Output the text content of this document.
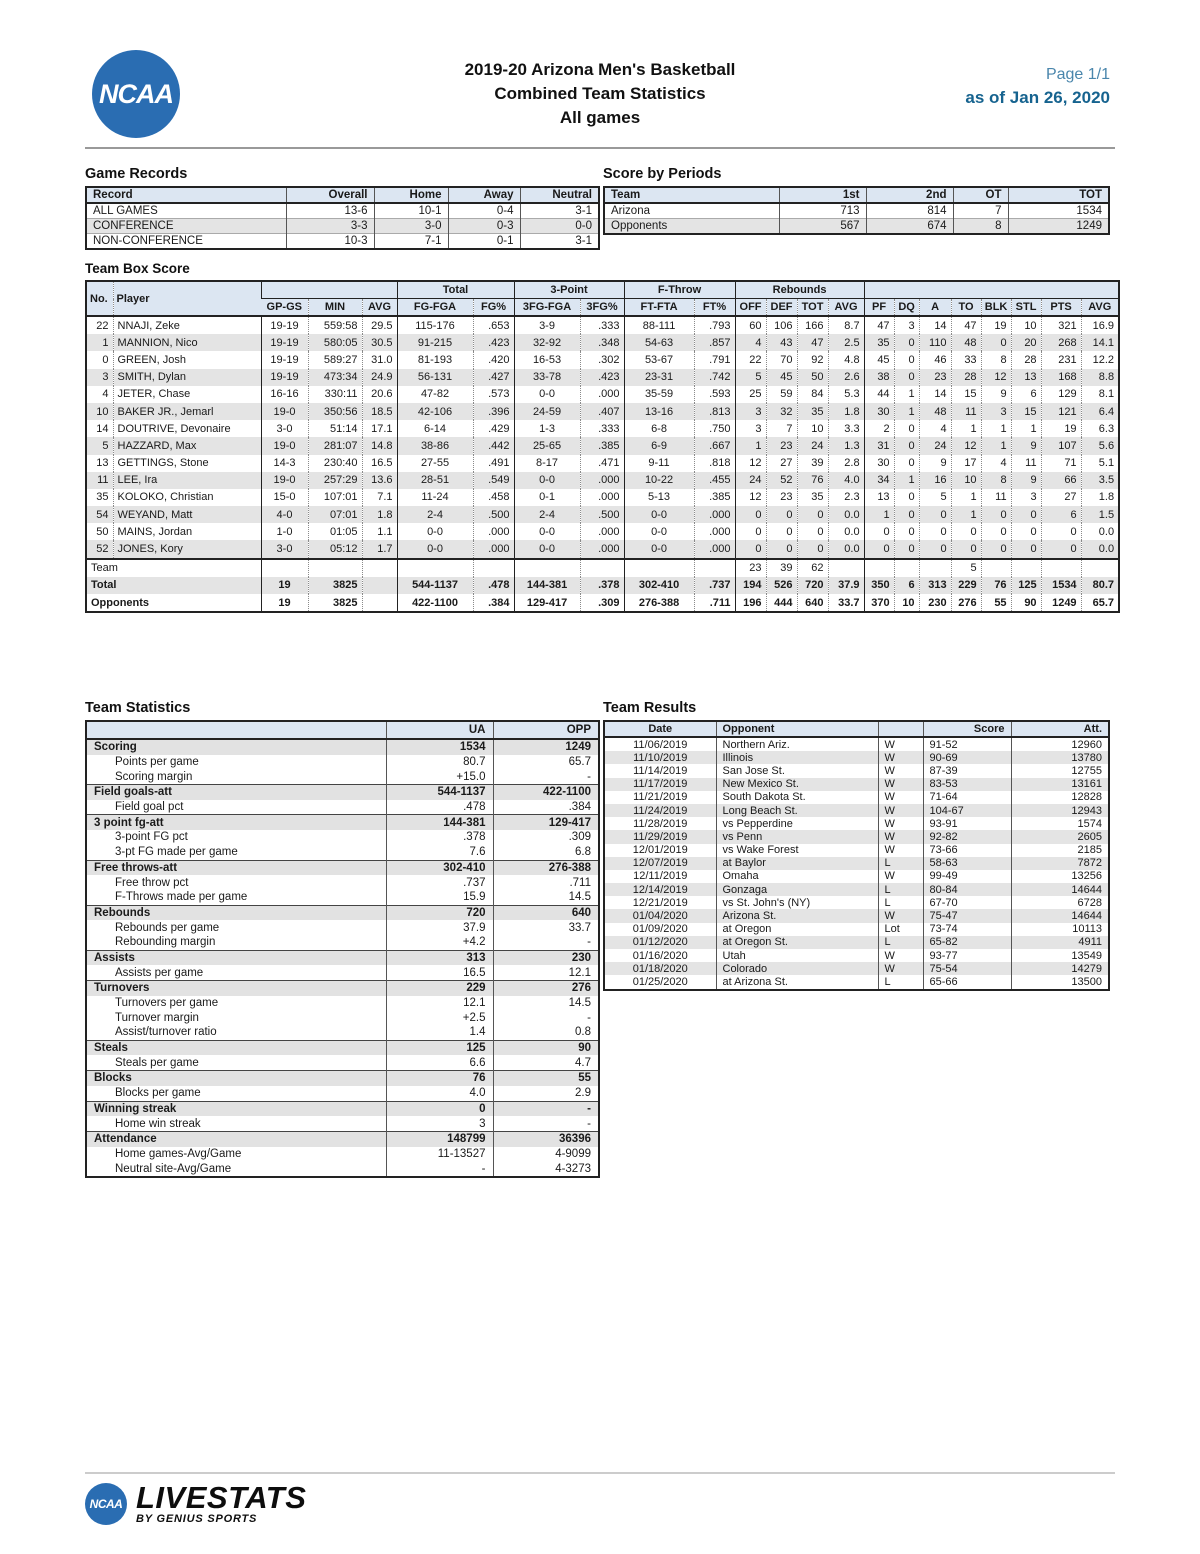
NCAA
2019-20 Arizona Men's Basketball
Combined Team Statistics
All games
Page 1/1
as of Jan 26, 2020
Game Records
Record	Overall	Home	Away	Neutral
ALL GAMES	13-6	10-1	0-4	3-1
CONFERENCE	3-3	3-0	0-3	0-0
NON-CONFERENCE	10-3	7-1	0-1	3-1
Score by Periods
Team	1st	2nd	OT	TOT
Arizona	713	814	7	1534
Opponents	567	674	8	1249
Team Box Score
No.	Player				Total		3-Point		F-Throw		Rebounds											
		GP-GS	MIN	AVG	FG-FGA	FG%	3FG-FGA	3FG%	FT-FTA	FT%	OFF	DEF	TOT	AVG	PF	DQ	A	TO	BLK	STL	PTS	AVG
22	NNAJI, Zeke	19-19	559:58	29.5	115-176	.653	3-9	.333	88-111	.793	60	106	166	8.7	47	3	14	47	19	10	321	16.9
1	MANNION, Nico	19-19	580:05	30.5	91-215	.423	32-92	.348	54-63	.857	4	43	47	2.5	35	0	110	48	0	20	268	14.1
0	GREEN, Josh	19-19	589:27	31.0	81-193	.420	16-53	.302	53-67	.791	22	70	92	4.8	45	0	46	33	8	28	231	12.2
3	SMITH, Dylan	19-19	473:34	24.9	56-131	.427	33-78	.423	23-31	.742	5	45	50	2.6	38	0	23	28	12	13	168	8.8
4	JETER, Chase	16-16	330:11	20.6	47-82	.573	0-0	.000	35-59	.593	25	59	84	5.3	44	1	14	15	9	6	129	8.1
10	BAKER JR., Jemarl	19-0	350:56	18.5	42-106	.396	24-59	.407	13-16	.813	3	32	35	1.8	30	1	48	11	3	15	121	6.4
14	DOUTRIVE, Devonaire	3-0	51:14	17.1	6-14	.429	1-3	.333	6-8	.750	3	7	10	3.3	2	0	4	1	1	1	19	6.3
5	HAZZARD, Max	19-0	281:07	14.8	38-86	.442	25-65	.385	6-9	.667	1	23	24	1.3	31	0	24	12	1	9	107	5.6
13	GETTINGS, Stone	14-3	230:40	16.5	27-55	.491	8-17	.471	9-11	.818	12	27	39	2.8	30	0	9	17	4	11	71	5.1
11	LEE, Ira	19-0	257:29	13.6	28-51	.549	0-0	.000	10-22	.455	24	52	76	4.0	34	1	16	10	8	9	66	3.5
35	KOLOKO, Christian	15-0	107:01	7.1	11-24	.458	0-1	.000	5-13	.385	12	23	35	2.3	13	0	5	1	11	3	27	1.8
54	WEYAND, Matt	4-0	07:01	1.8	2-4	.500	2-4	.500	0-0	.000	0	0	0	0.0	1	0	0	1	0	0	6	1.5
50	MAINS, Jordan	1-0	01:05	1.1	0-0	.000	0-0	.000	0-0	.000	0	0	0	0.0	0	0	0	0	0	0	0	0.0
52	JONES, Kory	3-0	05:12	1.7	0-0	.000	0-0	.000	0-0	.000	0	0	0	0.0	0	0	0	0	0	0	0	0.0
Team											23	39	62					5				
Total		19	3825		544-1137	.478	144-381	.378	302-410	.737	194	526	720	37.9	350	6	313	229	76	125	1534	80.7
Opponents		19	3825		422-1100	.384	129-417	.309	276-388	.711	196	444	640	33.7	370	10	230	276	55	90	1249	65.7
Team Statistics
	UA	OPP
Scoring	1534	1249
Points per game	80.7	65.7
Scoring margin	+15.0	-
Field goals-att	544-1137	422-1100
Field goal pct	.478	.384
3 point fg-att	144-381	129-417
3-point FG pct	.378	.309
3-pt FG made per game	7.6	6.8
Free throws-att	302-410	276-388
Free throw pct	.737	.711
F-Throws made per game	15.9	14.5
Rebounds	720	640
Rebounds per game	37.9	33.7
Rebounding margin	+4.2	-
Assists	313	230
Assists per game	16.5	12.1
Turnovers	229	276
Turnovers per game	12.1	14.5
Turnover margin	+2.5	-
Assist/turnover ratio	1.4	0.8
Steals	125	90
Steals per game	6.6	4.7
Blocks	76	55
Blocks per game	4.0	2.9
Winning streak	0	-
Home win streak	3	-
Attendance	148799	36396
Home games-Avg/Game	11-13527	4-9099
Neutral site-Avg/Game	-	4-3273
Team Results
Date	Opponent		Score	Att.
11/06/2019	Northern Ariz.	W	91-52	12960
11/10/2019	Illinois	W	90-69	13780
11/14/2019	San Jose St.	W	87-39	12755
11/17/2019	New Mexico St.	W	83-53	13161
11/21/2019	South Dakota St.	W	71-64	12828
11/24/2019	Long Beach St.	W	104-67	12943
11/28/2019	vs Pepperdine	W	93-91	1574
11/29/2019	vs Penn	W	92-82	2605
12/01/2019	vs Wake Forest	W	73-66	2185
12/07/2019	at Baylor	L	58-63	7872
12/11/2019	Omaha	W	99-49	13256
12/14/2019	Gonzaga	L	80-84	14644
12/21/2019	vs St. John's (NY)	L	67-70	6728
01/04/2020	Arizona St.	W	75-47	14644
01/09/2020	at Oregon	Lot	73-74	10113
01/12/2020	at Oregon St.	L	65-82	4911
01/16/2020	Utah	W	93-77	13549
01/18/2020	Colorado	W	75-54	14279
01/25/2020	at Arizona St.	L	65-66	13500
NCAA LIVESTATS
BY GENIUS SPORTS
